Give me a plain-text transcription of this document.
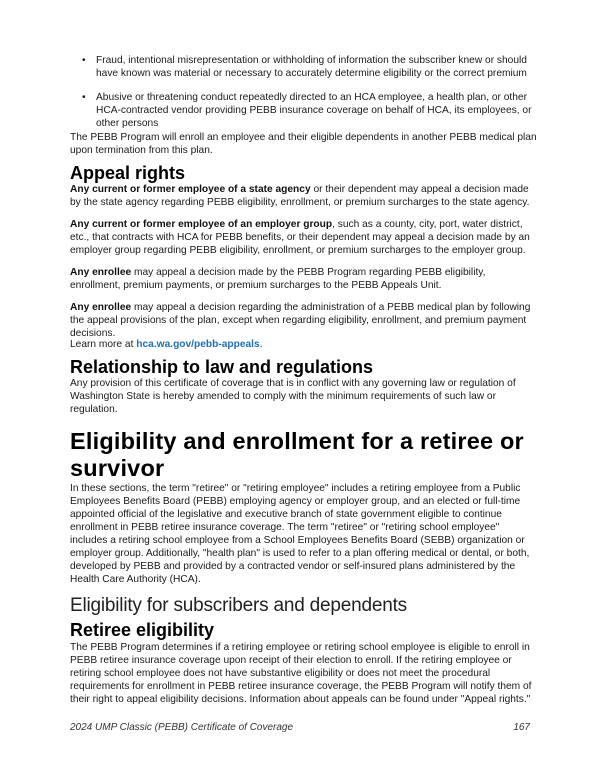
• Fraud, intentional misrepresentation or withholding of information the subscriber knew or should have known was material or necessary to accurately determine eligibility or the correct premium
• Abusive or threatening conduct repeatedly directed to an HCA employee, a health plan, or other HCA-contracted vendor providing PEBB insurance coverage on behalf of HCA, its employees, or other persons
The PEBB Program will enroll an employee and their eligible dependents in another PEBB medical plan upon termination from this plan.
Appeal rights
Any current or former employee of a state agency or their dependent may appeal a decision made by the state agency regarding PEBB eligibility, enrollment, or premium surcharges to the state agency.
Any current or former employee of an employer group, such as a county, city, port, water district, etc., that contracts with HCA for PEBB benefits, or their dependent may appeal a decision made by an employer group regarding PEBB eligibility, enrollment, or premium surcharges to the employer group.
Any enrollee may appeal a decision made by the PEBB Program regarding PEBB eligibility, enrollment, premium payments, or premium surcharges to the PEBB Appeals Unit.
Any enrollee may appeal a decision regarding the administration of a PEBB medical plan by following the appeal provisions of the plan, except when regarding eligibility, enrollment, and premium payment decisions.
Learn more at hca.wa.gov/pebb-appeals.
Relationship to law and regulations
Any provision of this certificate of coverage that is in conflict with any governing law or regulation of Washington State is hereby amended to comply with the minimum requirements of such law or regulation.
Eligibility and enrollment for a retiree or survivor
In these sections, the term "retiree" or "retiring employee" includes a retiring employee from a Public Employees Benefits Board (PEBB) employing agency or employer group, and an elected or full-time appointed official of the legislative and executive branch of state government eligible to continue enrollment in PEBB retiree insurance coverage. The term "retiree" or "retiring school employee" includes a retiring school employee from a School Employees Benefits Board (SEBB) organization or employer group. Additionally, "health plan" is used to refer to a plan offering medical or dental, or both, developed by PEBB and provided by a contracted vendor or self-insured plans administered by the Health Care Authority (HCA).
Eligibility for subscribers and dependents
Retiree eligibility
The PEBB Program determines if a retiring employee or retiring school employee is eligible to enroll in PEBB retiree insurance coverage upon receipt of their election to enroll. If the retiring employee or retiring school employee does not have substantive eligibility or does not meet the procedural requirements for enrollment in PEBB retiree insurance coverage, the PEBB Program will notify them of their right to appeal eligibility decisions. Information about appeals can be found under "Appeal rights."
2024 UMP Classic (PEBB) Certificate of Coverage	167
